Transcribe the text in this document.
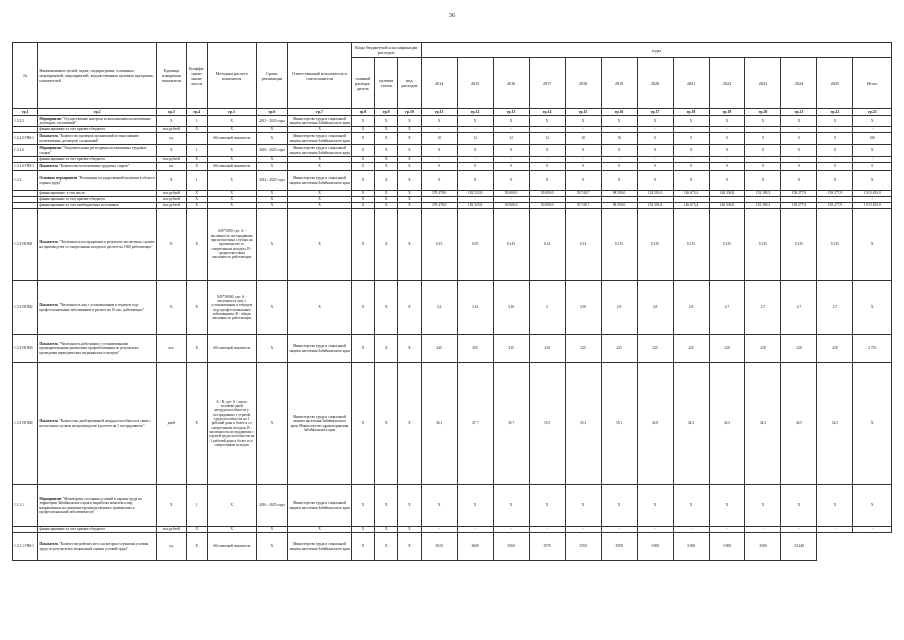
36
№	Наименование целей, задач, подпрограмм, основных мероприятий, мероприятий, ведомственных целевых программ, показателей	Единица измерения показателя	Коэффи-циент значи-мости	Методика расчета показателя	Сроки реализации	Ответственный исполнитель и соисполнители	Коды бюджетной классификации расходов			годы												
							главный распоря-дитель	целевая статья	вид расходов	2014	2015	2016	2017	2018	2019	2020	2021	2022	2023	2024	2025	Итого
гр.1	гр.2	гр.3	гр.4	гр.5	гр.6	гр.7	гр.8	гр.9	гр.10	гр.11	гр.12	гр.13	гр.14	гр.15	гр.16	гр.17	гр.18	гр.19	гр.20	гр.21	гр.22	гр.23
1.3.2.5.	Мероприятие "Осуществление контроля за выполнением коллективных договоров, соглашений"	X	1	X	2015 - 2025 годы	Министерство труда и социальной защиты населения Забайкальского края	X	X	X	X	X	X	X	X	X	X	X	X	X	X	X	X
	финансирование за счет краевого бюджета	тыс.рублей	X	X	X	X	X	X	X	-	-	-	-	-	-	-	-	-	-	-	-	-
1.3.2.5-ПМ-1	Показатель "Количество проверок организаций по выполнению коллективных договоров, соглашений"	ед.		Абсолютный показатель	X	Министерство труда и социальной защиты населения Забайкальского края	X	X	X	10	12	12	12	10	10	0	0	0	0	0	0	106
1.3.2.6.	Мероприятие "Уведомительная регистрация коллективных трудовых споров"	X	1	X	2016 - 2025 годы	Министерство труда и социальной защиты населения Забайкальского края	X	X	X	X	X	X	X	X	X	X	X	X	X	X	X	X
	финансирование за счет краевого бюджета	тыс.рублей	X	X	X	X	X	X	X	-	-	-	-	-	-	-	-	-	-	-	-	-
1.3.2.6-ПМ-1	Показатель "Количество коллективных трудовых споров"	шт.	X	Абсолютный показатель	X	X	X	X	X	0	0	0	0	0	0	0	0	0	0	0	0	0
1.3.3.	Основное мероприятие "Реализация государственной политики в области охраны труда"	X	1	X	2014 - 2025 годы	Министерство труда и социальной защиты населения Забайкальского края	X	X	X	X	X	X	X	X	X	X	X	X	X	X	X	X
	финансирование, в том числе:	тыс.рублей	X	X	X	X	X	X	X	378 478,0	182 523,8	50 000,0	50 000,0	59 740,7	98 500,0	132 501,0	146 673,4	146 336,8	152 190,3	158 277,9	158 277,9	1 913 493,0
	финансирование за счет краевого бюджета	тыс.рублей	X	X	X	X	X	X	X	-	-	-	-	-	-	-	-	-	-	-	-	-
	финансирование за счет внебюджетных источников	тыс.рублей	X	X	X	X	X	X	X	378 478,0	182 523,8	50 000,0	50 000,0	59 740,7	98 500,0	132 501,0	146 673,4	146 336,8	152 190,3	158 277,9	158 277,9	1 913 493,0
1.3.3-ПОМ1	Показатель "Численность пострадавших в результате несчастных случаев на производстве со смертельным исходом в расчете на 1000 работающих"	%	X	А/В*1000, где: А - численность пострадавших при несчастных случаях на производстве со смертельным исходом, В - среднесписочная численность работающих	X	X	X	X	X	0,15	0,05	0,145	0,14	0,14	0,135	0,135	0,135	0,135	0,135	0,135	0,135	X
1.3.3-ПОМ2	Показатель "Численность лиц с установленным в текущем году профессиональным заболеванием в расчете на 10 тыс. работающих"	%	X	А/В*10000, где: А - численность лиц, с установленным в текущем году профессиональным заболеванием, В - общая численность работающих	X	X	X	X	X	3,2	3,16	3,16	3	2,95	2,9	2,8	2,8	2,7	2,7	2,7	2,7	X
1.3.3-ПОМ3	Показатель "Численность работников с установленными предварительными диагнозами профзаболевания по результатам проведения периодических медицинских осмотров"	чел.	X	Абсолютный показатель	X	Министерство труда и социальной защиты населения Забайкальского края	X	X	X	245	265	235	230	225	225	225	225	220	220	220	220	2 755
1.3.3-ПОМ4	Показатель "Количество дней временной нетрудоспособности в связи с несчастным случаем на производстве в расчете на 1 пострадавшего"	дней	X	А / В, где: А - число человеко-дней нетрудоспособности у пострадавших с утратой трудоспособности на 1 рабочий день и более и со смертельным исходом, В - численность пострадавших с утратой трудоспособности на 1 рабочий день и более и со смертельным исходом	X	Министерство труда и социальной защиты населения Забайкальского края, Министерство здравоохранения Забайкальского края	X	X	X	36,1	47,7	35,7	35,5	35,3	35,1	34,8	34,5	34,5	34,5	34,5	34,5	X
1.1.1.1.	Мероприятие "Мониторинг состояния условий и охраны труда на территории Забайкальского края и выработка комплекса мер, направленных на снижение производственного травматизма и профессиональной заболеваемости"	X	1	X	2016 - 2025 годы	Министерство труда и социальной защиты населения Забайкальского края	X	X	X	X	X	X	X	X	X	X	X	X	X	X	X	X
	финансирование за счет краевого бюджета	тыс.рублей	X	X	X	X	X	X	X	-	-	-	-	-	-	-	-	-	-	-	-	-
1.3.3.1-ПМ-1	Показатель "Количество рабочих мест, на которых улучшены условия труда по результатам специальной оценки условий труда"	ед.	X	Абсолютный показатель	X	Министерство труда и социальной защиты населения Забайкальского края	X	X	X	3610	3600	3560	3570	3550	3558	3 000	3 000	3 000	3500	34 240		
